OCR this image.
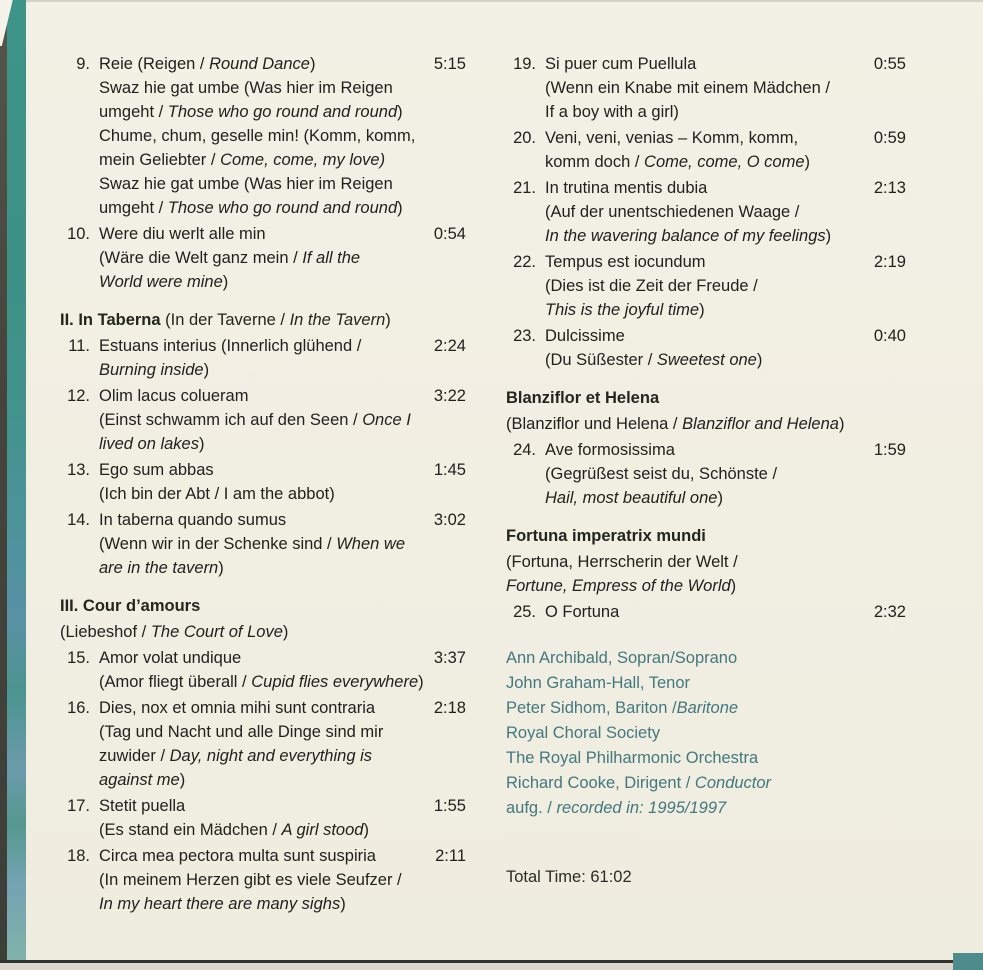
9. Reie (Reigen / Round Dance)
Swaz hie gat umbe (Was hier im Reigen
umgeht / Those who go round and round)
Chume, chum, geselle min! (Komm, komm,
mein Geliebter / Come, come, my love)
Swaz hie gat umbe (Was hier im Reigen
umgeht / Those who go round and round)
5:15
10. Were diu werlt alle min
(Wäre die Welt ganz mein / If all the
World were mine)
0:54
II. In Taberna (In der Taverne / In the Tavern)
11. Estuans interius (Innerlich glühend /
Burning inside)
2:24
12. Olim lacus colueram
(Einst schwamm ich auf den Seen / Once I
lived on lakes)
3:22
13. Ego sum abbas
(Ich bin der Abt / I am the abbot)
1:45
14. In taberna quando sumus
(Wenn wir in der Schenke sind / When we
are in the tavern)
3:02
III. Cour d’amours
(Liebeshof / The Court of Love)
15. Amor volat undique
(Amor fliegt überall / Cupid flies everywhere)
3:37
16. Dies, nox et omnia mihi sunt contraria
(Tag und Nacht und alle Dinge sind mir
zuwider / Day, night and everything is
against me)
2:18
17. Stetit puella
(Es stand ein Mädchen / A girl stood)
1:55
18. Circa mea pectora multa sunt suspiria
(In meinem Herzen gibt es viele Seufzer /
In my heart there are many sighs)
2:11
19. Si puer cum Puellula
(Wenn ein Knabe mit einem Mädchen /
If a boy with a girl)
0:55
20. Veni, veni, venias – Komm, komm,
komm doch / Come, come, O come)
0:59
21. In trutina mentis dubia
(Auf der unentschiedenen Waage /
In the wavering balance of my feelings)
2:13
22. Tempus est iocundum
(Dies ist die Zeit der Freude /
This is the joyful time)
2:19
23. Dulcissime
(Du Süßester / Sweetest one)
0:40
Blanziflor et Helena
(Blanziflor und Helena / Blanziflor and Helena)
24. Ave formosissima
(Gegrüßest seist du, Schönste /
Hail, most beautiful one)
1:59
Fortuna imperatrix mundi
(Fortuna, Herrscherin der Welt /
Fortune, Empress of the World)
25. O Fortuna	2:32
Ann Archibald, Sopran/Soprano
John Graham-Hall, Tenor
Peter Sidhom, Bariton /Baritone
Royal Choral Society
The Royal Philharmonic Orchestra
Richard Cooke, Dirigent / Conductor
aufg. / recorded in: 1995/1997
Total Time: 61:02
